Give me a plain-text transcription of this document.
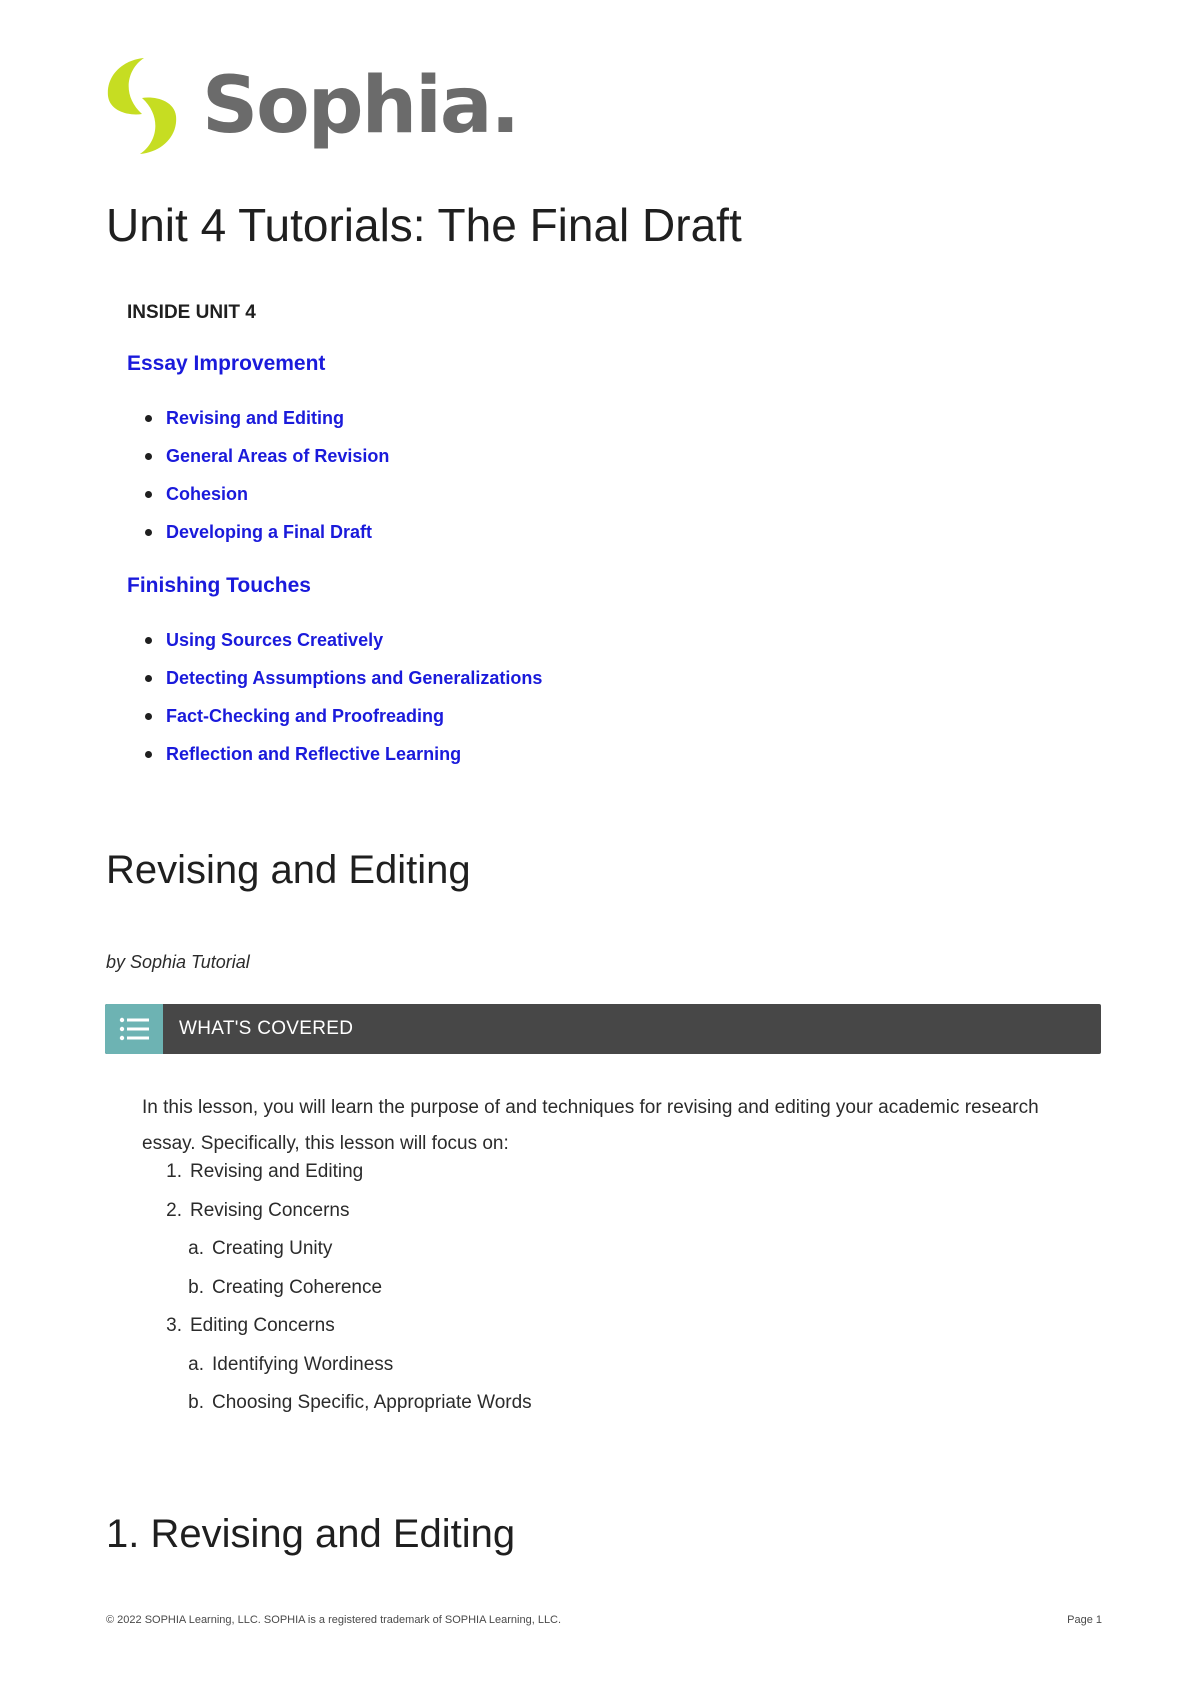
Sophia.
Unit 4 Tutorials: The Final Draft
INSIDE UNIT 4
Essay Improvement
Revising and Editing
General Areas of Revision
Cohesion
Developing a Final Draft
Finishing Touches
Using Sources Creatively
Detecting Assumptions and Generalizations
Fact-Checking and Proofreading
Reflection and Reflective Learning
Revising and Editing
by Sophia Tutorial
WHAT'S COVERED
In this lesson, you will learn the purpose of and techniques for revising and editing your academic research essay. Specifically, this lesson will focus on:
1. Revising and Editing
2. Revising Concerns
a. Creating Unity
b. Creating Coherence
3. Editing Concerns
a. Identifying Wordiness
b. Choosing Specific, Appropriate Words
1. Revising and Editing
© 2022 SOPHIA Learning, LLC. SOPHIA is a registered trademark of SOPHIA Learning, LLC.	Page 1
